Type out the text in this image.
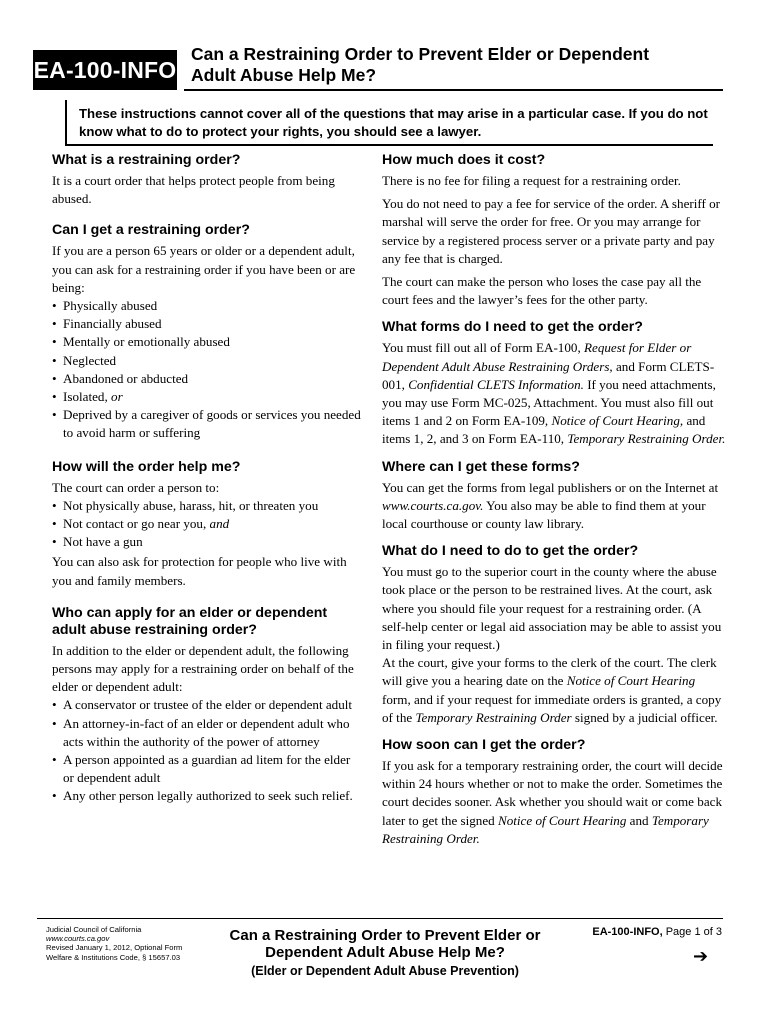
EA-100-INFO
Can a Restraining Order to Prevent Elder or Dependent
Adult Abuse Help Me?
These instructions cannot cover all of the questions that may arise in a particular case. If you do not know what to do to protect your rights, you should see a lawyer.
What is a restraining order?

It is a court order that helps protect people from being abused.

Can I get a restraining order?

If you are a person 65 years or older or a dependent adult, you can ask for a restraining order if you have been or are being:

• Physically abused
• Financially abused
• Mentally or emotionally abused
• Neglected
• Abandoned or abducted
• Isolated, or
• Deprived by a caregiver of goods or services you needed to avoid harm or suffering
How will the order help me?

The court can order a person to:

• Not physically abuse, harass, hit, or threaten you
• Not contact or go near you, and
• Not have a gun

You can also ask for protection for people who live with you and family members.

Who can apply for an elder or dependent adult abuse restraining order?

In addition to the elder or dependent adult, the following persons may apply for a restraining order on behalf of the elder or dependent adult:

• A conservator or trustee of the elder or dependent adult
• An attorney-in-fact of an elder or dependent adult who acts within the authority of the power of attorney
• A person appointed as a guardian ad litem for the elder or dependent adult
• Any other person legally authorized to seek such relief.
How much does it cost?

There is no fee for filing a request for a restraining order.

You do not need to pay a fee for service of the order. A sheriff or marshal will serve the order for free. Or you may arrange for service by a registered process server or a private party and pay any fee that is charged.

The court can make the person who loses the case pay all the court fees and the lawyer’s fees for the other party.

What forms do I need to get the order?

You must fill out all of Form EA-100, Request for Elder or Dependent Adult Abuse Restraining Orders, and Form CLETS-001, Confidential CLETS Information. If you need attachments, you may use Form MC-025, Attachment. You must also fill out items 1 and 2 on Form EA-109, Notice of Court Hearing, and items 1, 2, and 3 on Form EA-110, Temporary Restraining Order.

Where can I get these forms?

You can get the forms from legal publishers or on the Internet at www.courts.ca.gov. You also may be able to find them at your local courthouse or county law library.

What do I need to do to get the order?

You must go to the superior court in the county where the abuse took place or the person to be restrained lives. At the court, ask where you should file your request for a restraining order. (A self-help center or legal aid association may be able to assist you in filing your request.)

At the court, give your forms to the clerk of the court. The clerk will give you a hearing date on the Notice of Court Hearing form, and if your request for immediate orders is granted, a copy of the Temporary Restraining Order signed by a judicial officer.

How soon can I get the order?

If you ask for a temporary restraining order, the court will decide within 24 hours whether or not to make the order. Sometimes the court decides sooner. Ask whether you should wait or come back later to get the signed Notice of Court Hearing and Temporary Restraining Order.

Judicial Council of California
www.courts.ca.gov
Revised January 1, 2012, Optional Form
Welfare & Institutions Code, § 15657.03
Can a Restraining Order to Prevent Elder or
Dependent Adult Abuse Help Me?
(Elder or Dependent Adult Abuse Prevention)
EA-100-INFO, Page 1 of 3
➔
